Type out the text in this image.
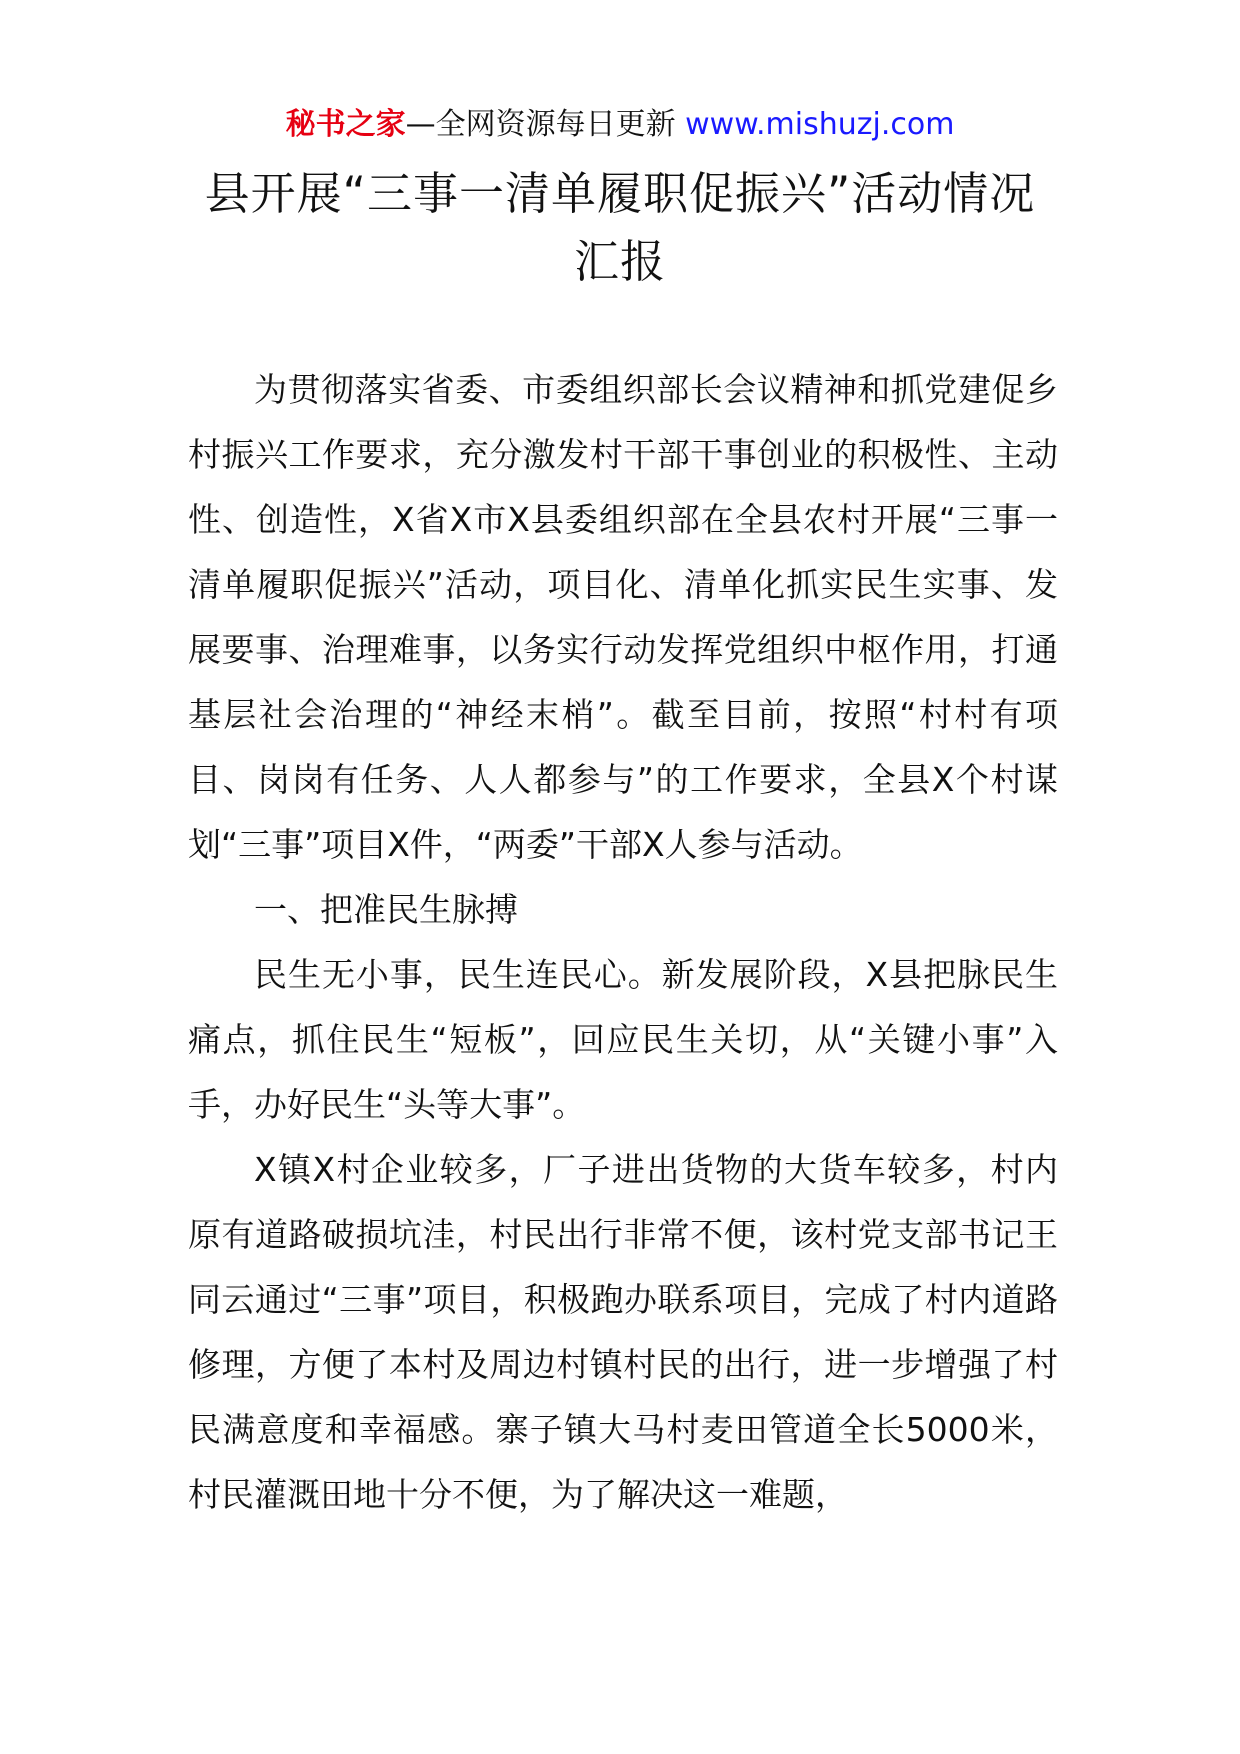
秘书之家—全网资源每日更新 www.mishuzj.com
县开展“三事一清单履职促振兴”活动情况汇报

为贯彻落实省委、市委组织部长会议精神和抓党建促乡村振兴工作要求，充分激发村干部干事创业的积极性、主动性、创造性，X省X市X县委组织部在全县农村开展“三事一清单履职促振兴”活动，项目化、清单化抓实民生实事、发展要事、治理难事，以务实行动发挥党组织中枢作用，打通基层社会治理的“神经末梢”。截至目前，按照“村村有项目、岗岗有任务、人人都参与”的工作要求，全县X个村谋划“三事”项目X件，“两委”干部X人参与活动。

一、把准民生脉搏

民生无小事，民生连民心。新发展阶段，X县把脉民生痛点，抓住民生“短板”，回应民生关切，从“关键小事”入手，办好民生“头等大事”。

X镇X村企业较多，厂子进出货物的大货车较多，村内原有道路破损坑洼，村民出行非常不便，该村党支部书记王同云通过“三事”项目，积极跑办联系项目，完成了村内道路修理，方便了本村及周边村镇村民的出行，进一步增强了村民满意度和幸福感。寨子镇大马村麦田管道全长5000米，村民灌溉田地十分不便，为了解决这一难题，
